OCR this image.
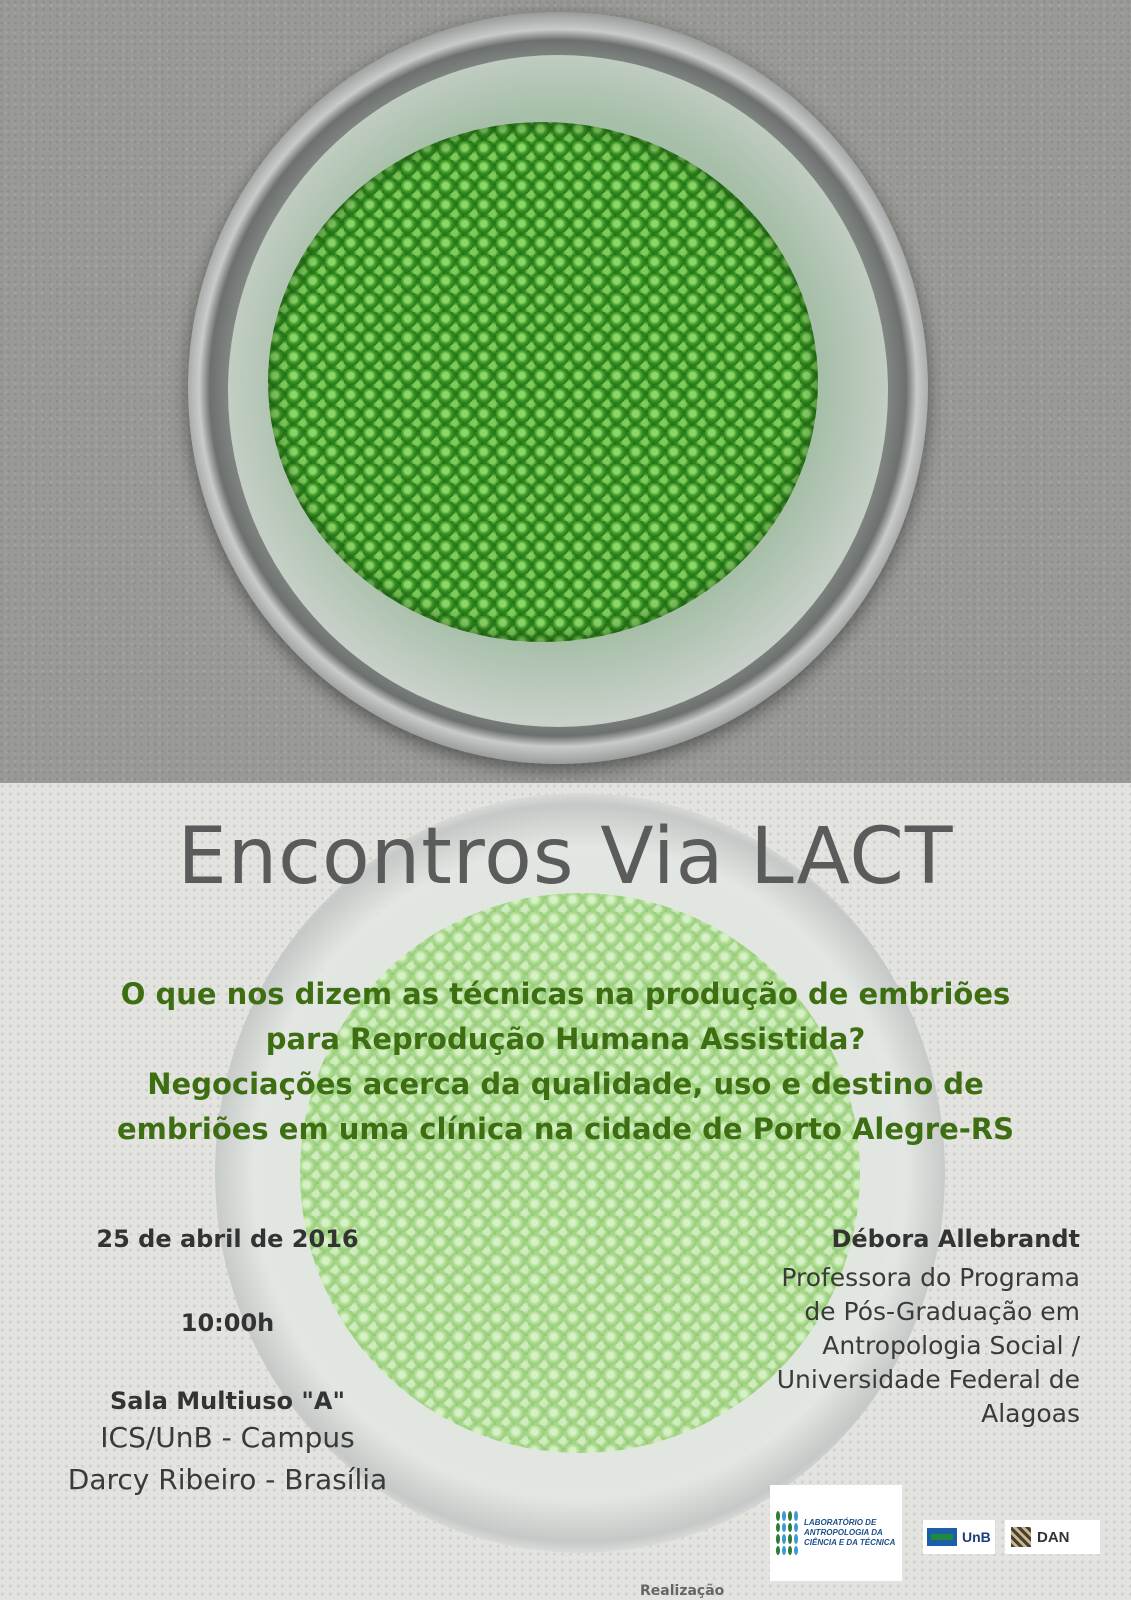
Encontros Via LACT
O que nos dizem as técnicas na produção de embriões
para Reprodução Humana Assistida?
Negociações acerca da qualidade, uso e destino de
embriões em uma clínica na cidade de Porto Alegre-RS
25 de abril de 2016
10:00h
Sala Multiuso "A"
ICS/UnB - Campus
Darcy Ribeiro - Brasília
Débora Allebrandt
Professora do Programa
de Pós-Graduação em
Antropologia Social /
Universidade Federal de
Alagoas
Realização
LABORATÓRIO DE ANTROPOLOGIA DA CIÊNCIA E DA TÉCNICA	UnB	DAN
